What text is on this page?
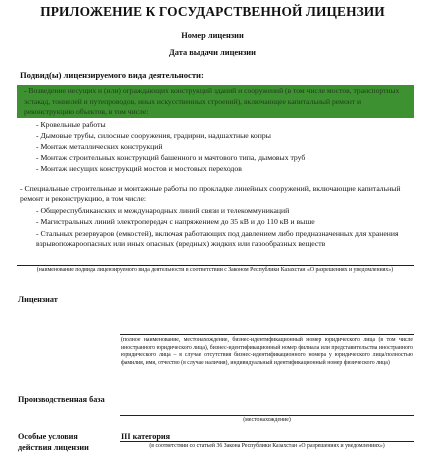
ПРИЛОЖЕНИЕ К ГОСУДАРСТВЕННОЙ ЛИЦЕНЗИИ
Номер лицензии
Дата выдачи лицензии
Подвид(ы) лицензируемого вида деятельности:
- Возведение несущих и (или) ограждающих конструкций зданий и сооружений (в том числе мостов, транспортных эстакад, тоннелей и путепроводов, иных искусственных строений), включающее капитальный ремонт и реконструкцию объектов, в том числе:
- Кровельные работы
- Дымовые трубы, силосные сооружения, градирни, надшахтные копры
- Монтаж металлических конструкций
- Монтаж строительных конструкций башенного и мачтового типа, дымовых труб
- Монтаж несущих конструкций мостов и мостовых переходов
- Специальные строительные и монтажные работы по прокладке линейных сооружений, включающие капитальный ремонт и реконструкцию, в том числе:
- Общереспубликанских и международных линий связи и телекоммуникаций
- Магистральных линий электропередач с напряжением до 35 кВ и до 110 кВ и выше
- Стальных резервуаров (емкостей), включая работающих под давлением либо предназначенных для хранения взрывопожароопасных или иных опасных (вредных) жидких или газообразных веществ
(наименование подвида лицензируемого вида деятельности в соответствии с Законом Республики Казахстан «О разрешениях и уведомлениях»)
Лицензиат
(полное наименование, местонахождение, бизнес-идентификационный номер юридического лица (в том числе иностранного юридического лица), бизнес-идентификационный номер филиала или представительства иностранного юридического лица – в случае отсутствия бизнес-идентификационного номера у юридического лица/полностью фамилия, имя, отчество (в случае наличия), индивидуальный идентификационный номер физического лица)
Производственная база
(местонахождение)
Особые условия
действия лицензии
III категория
(в соответствии со статьей 36 Закона Республики Казахстан «О разрешениях и уведомлениях»)
